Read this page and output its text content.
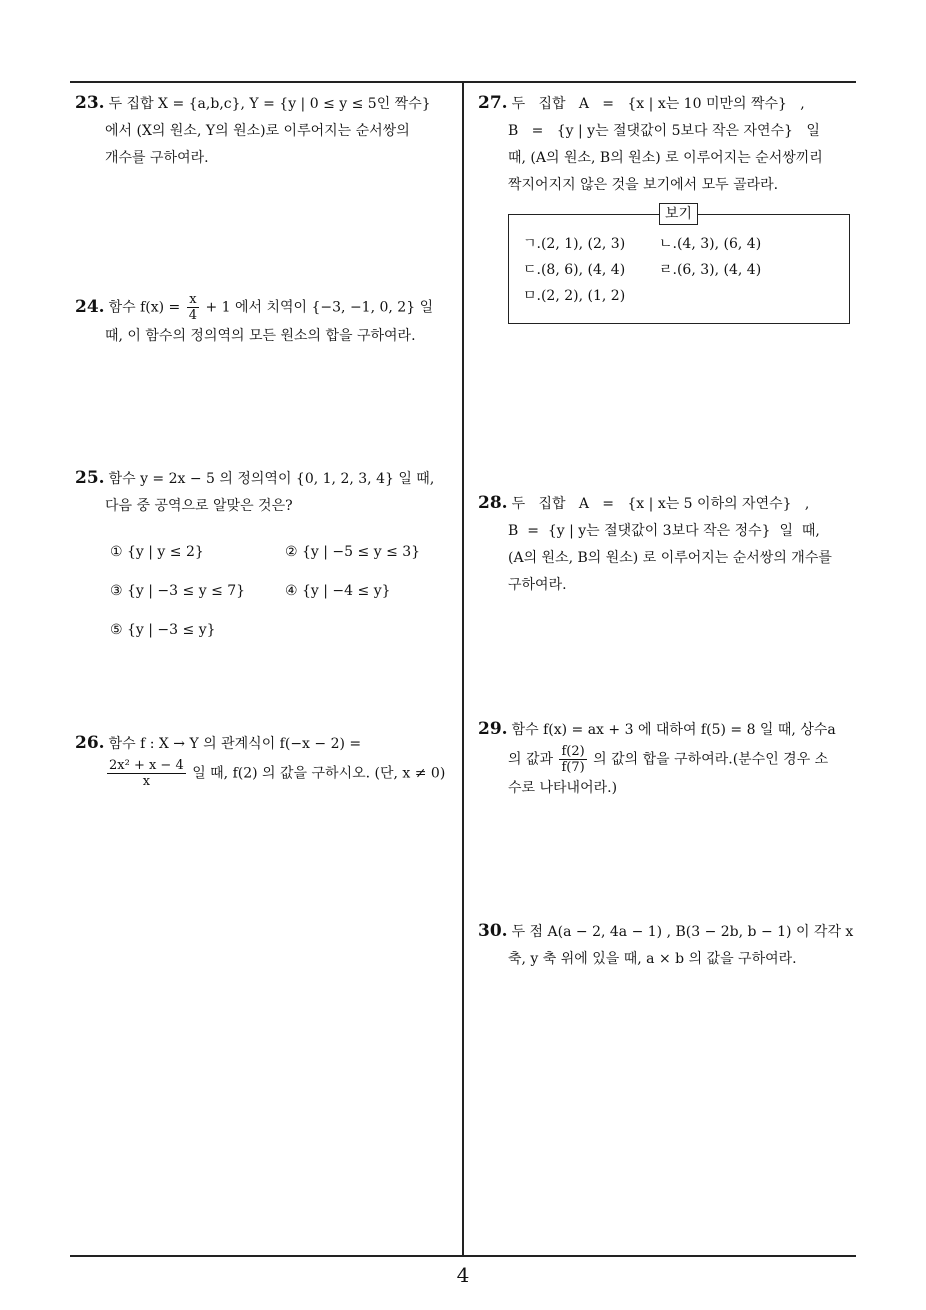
23. 두 집합 X = {a,b,c}, Y = {y | 0 ≤ y ≤ 5인 짝수}
에서 (X의 원소, Y의 원소)로 이루어지는 순서쌍의
개수를 구하여라.
24. 함수 $f(x) = \frac{x}{4} + 1$ 에서 치역이 {−3, −1, 0, 2} 일
때, 이 함수의 정의역의 모든 원소의 합을 구하여라.
25. 함수 y = 2x − 5 의 정의역이 {0, 1, 2, 3, 4} 일 때,
다음 중 공역으로 알맞은 것은?
① {y | y ≤ 2}	② {y | −5 ≤ y ≤ 3}
③ {y | −3 ≤ y ≤ 7}	④ {y | −4 ≤ y}
⑤ {y | −3 ≤ y}
26. 함수 f : X → Y 의 관계식이 f(−x − 2) =
$\frac{\text{2x² + x − 4}}{x}$ 일 때, f(2) 의 값을 구하시오. (단, x ≠ 0)
27. 두   집합   A   =   {x | x는 10 미만의 짝수}   ,
B   =   {y | y는 절댓값이 5보다 작은 자연수}   일
때, (A의 원소, B의 원소) 로 이루어지는 순서쌍끼리
짝지어지지 않은 것을 보기에서 모두 골라라.
보기
ㄱ.(2, 1), (2, 3) ㄴ.(4, 3), (6, 4)
ㄷ.(8, 6), (4, 4) ㄹ.(6, 3), (4, 4)
ㅁ.(2, 2), (1, 2)
28. 두   집합   A   =   {x | x는 5 이하의 자연수}   ,
B  =  {y | y는 절댓값이 3보다 작은 정수}  일  때,
(A의 원소, B의 원소) 로 이루어지는 순서쌍의 개수를
구하여라.
29. 함수 f(x) = ax + 3 에 대하여 f(5) = 8 일 때, 상수a
의 값과 $\frac{f(2)}{f(7)}$ 의 값의 합을 구하여라.(분수인 경우 소
수로 나타내어라.)
30. 두 점 A(a − 2, 4a − 1) , B(3 − 2b, b − 1) 이 각각 x
축, y 축 위에 있을 때, a × b 의 값을 구하여라.
4
